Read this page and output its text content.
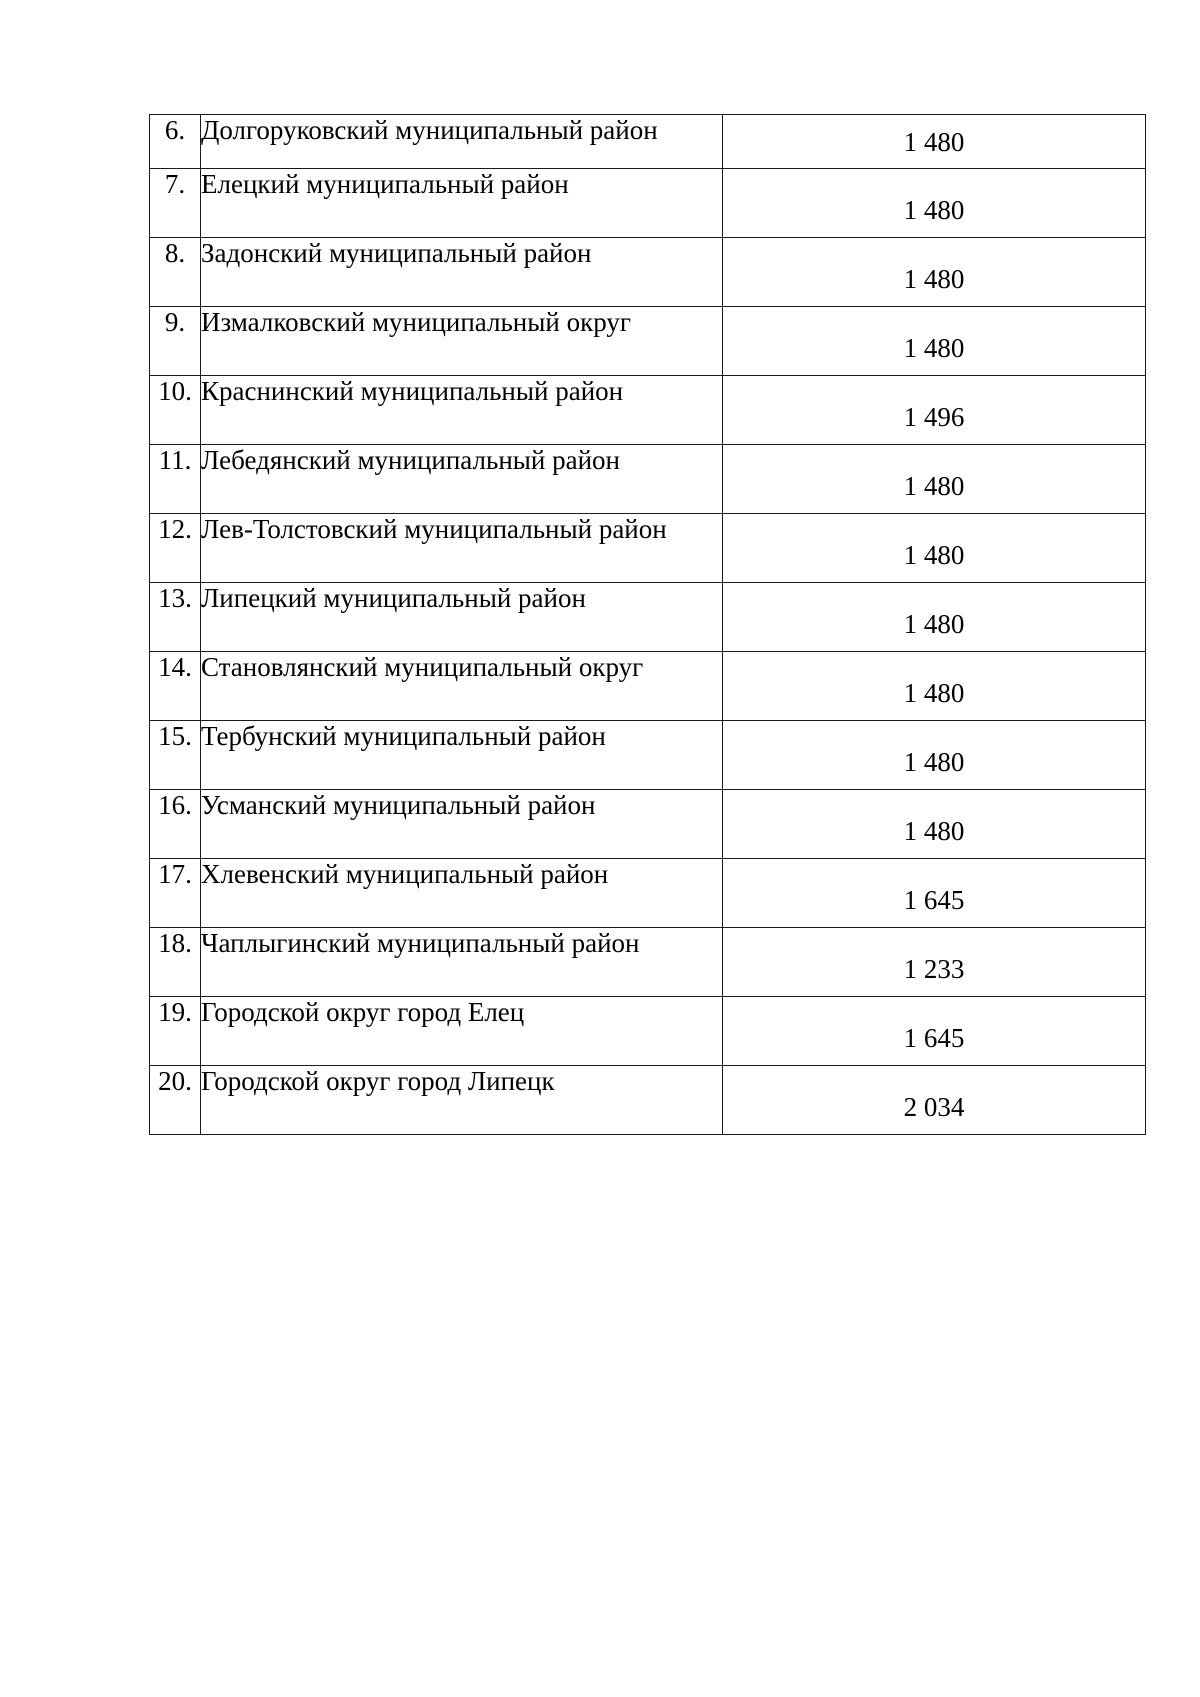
6.	Долгоруковский муниципальный район	1 480
7.	Елецкий муниципальный район	1 480
8.	Задонский муниципальный район	1 480
9.	Измалковский муниципальный округ	1 480
10.	Краснинский муниципальный район	1 496
11.	Лебедянский муниципальный район	1 480
12.	Лев-Толстовский муниципальный район	1 480
13.	Липецкий муниципальный район	1 480
14.	Становлянский муниципальный округ	1 480
15.	Тербунский муниципальный район	1 480
16.	Усманский муниципальный район	1 480
17.	Хлевенский муниципальный район	1 645
18.	Чаплыгинский муниципальный район	1 233
19.	Городской округ город Елец	1 645
20.	Городской округ город Липецк	2 034
